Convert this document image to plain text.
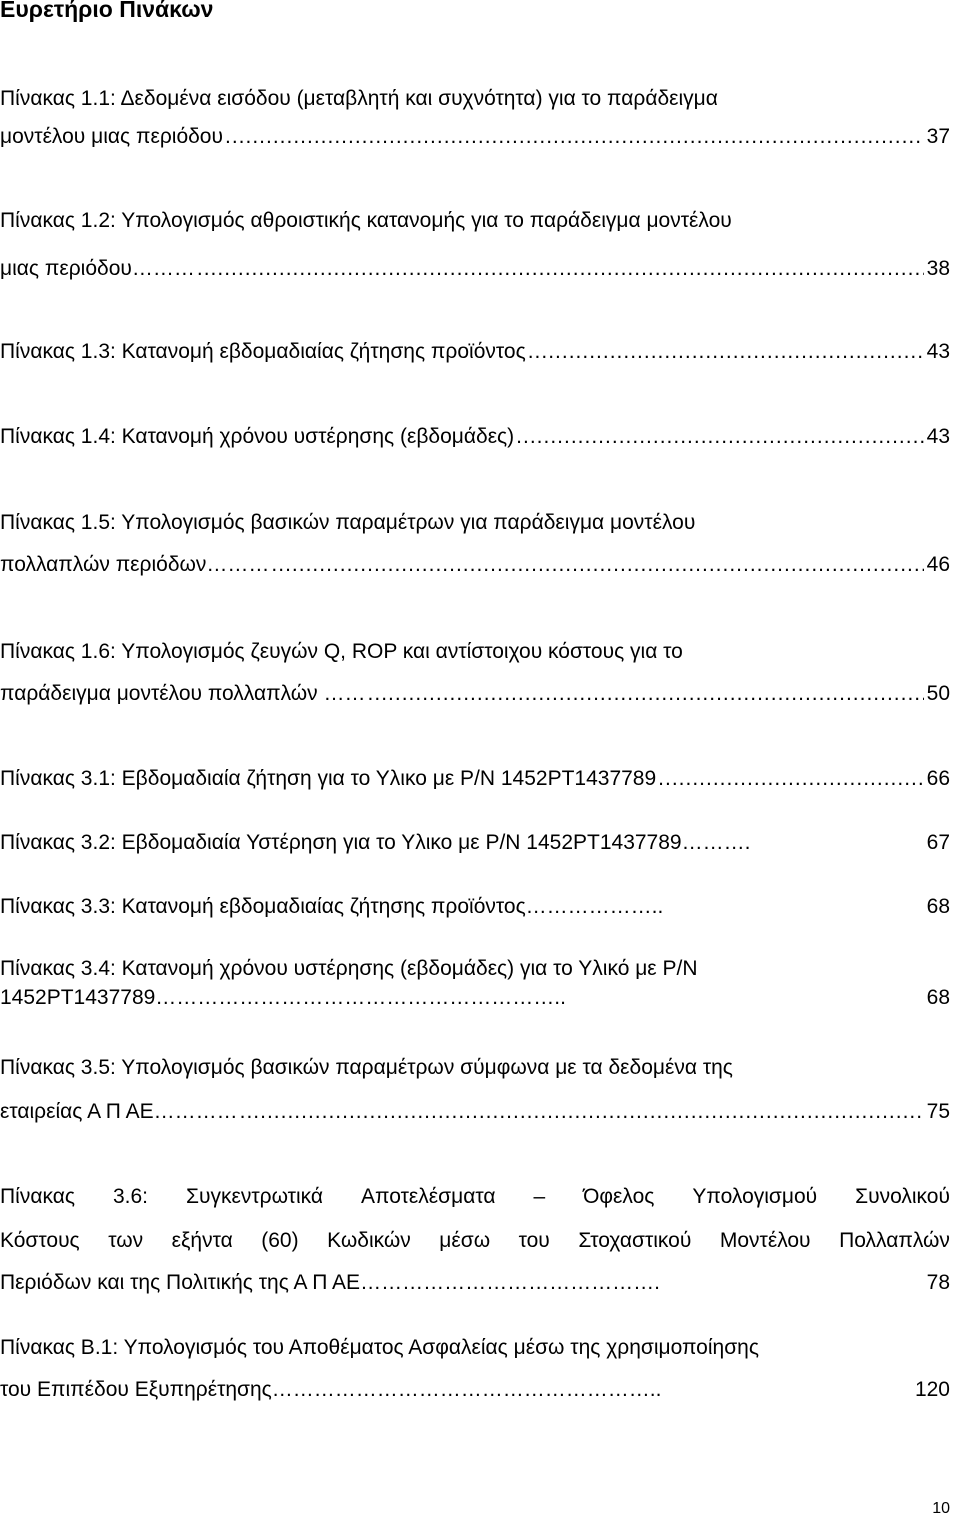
Ευρετήριο Πινάκων
Πίνακας 1.1: Δεδομένα εισόδου (μεταβλητή και συχνότητα) για το παράδειγμα
μοντέλου μιας περιόδου .....	37
Πίνακας 1.2: Υπολογισμός αθροιστικής κατανομής για το παράδειγμα μοντέλου
μιας περιόδου……… .....	38
Πίνακας 1.3: Κατανομή εβδομαδιαίας ζήτησης προϊόντος .....	43
Πίνακας 1.4: Κατανομή χρόνου υστέρησης (εβδομάδες) .....	43
Πίνακας 1.5: Υπολογισμός βασικών παραμέτρων για παράδειγμα μοντέλου
πολλαπλών περιόδων……… .....	46
Πίνακας 1.6: Υπολογισμός ζευγών Q, ROP και αντίστοιχου κόστους για το
παράδειγμα μοντέλου πολλαπλών …… .....	50
Πίνακας 3.1: Εβδομαδιαία ζήτηση για το Υλικο με P/N 1452PT1437789 .....	66
Πίνακας 3.2: Εβδομαδιαία Υστέρηση για το Υλικο με P/N 1452PT1437789……….	67
Πίνακας 3.3: Κατανομή εβδομαδιαίας ζήτησης προϊόντος………………..	68
Πίνακας 3.4: Κατανομή χρόνου υστέρησης (εβδομάδες) για το Υλικό με P/N
1452PT1437789…………………………………………………..	68
Πίνακας 3.5: Υπολογισμός βασικών παραμέτρων σύμφωνα με τα δεδομένα της
εταιρείας Α Π ΑΕ………… .....	75
Πίνακας 3.6: Συγκεντρωτικά Αποτελέσματα – Όφελος Υπολογισμού Συνολικού
Κόστους των εξήντα (60) Κωδικών μέσω του Στοχαστικού Μοντέλου Πολλαπλών
Περιόδων και της Πολιτικής της Α Π ΑΕ…………………………………….	78
Πίνακας Β.1: Υπολογισμός του Αποθέματος Ασφαλείας μέσω της χρησιμοποίησης
του Επιπέδου Εξυπηρέτησης………………………………………………..	120
10
